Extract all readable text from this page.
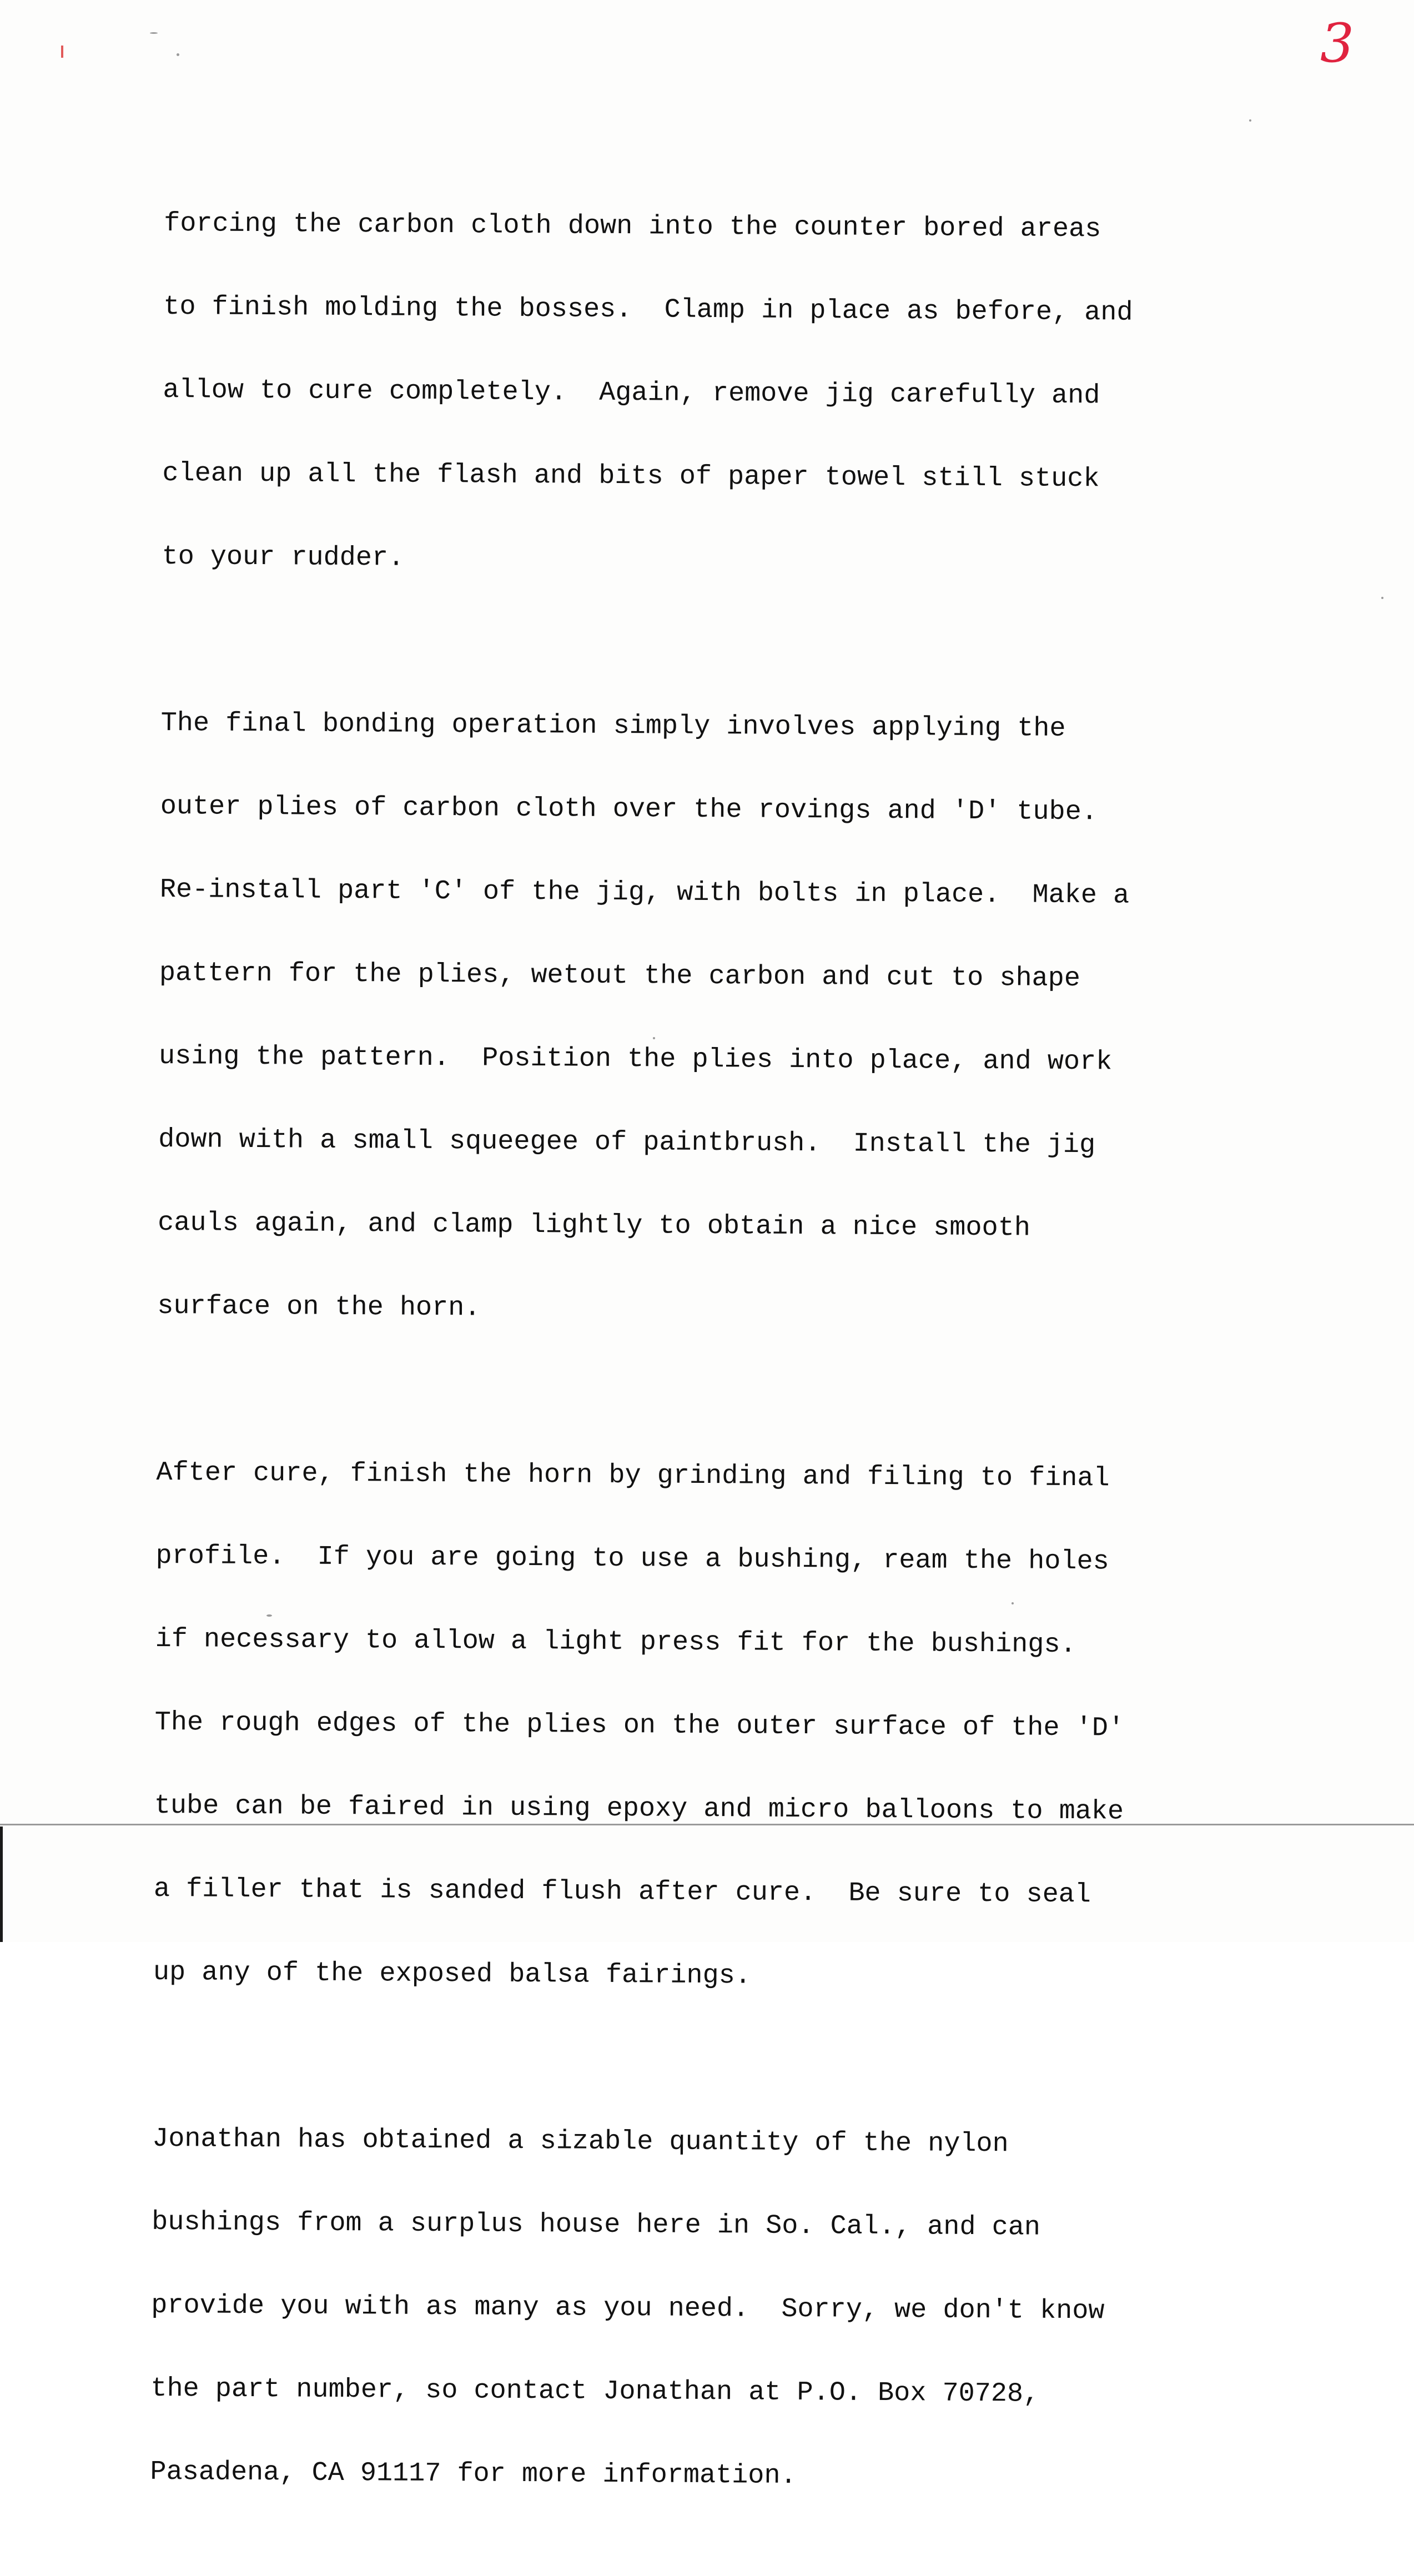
3

forcing the carbon cloth down into the counter bored areas

to finish molding the bosses.  Clamp in place as before, and

allow to cure completely.  Again, remove jig carefully and

clean up all the flash and bits of paper towel still stuck

to your rudder.

The final bonding operation simply involves applying the

outer plies of carbon cloth over the rovings and 'D' tube.

Re-install part 'C' of the jig, with bolts in place.  Make a

pattern for the plies, wetout the carbon and cut to shape

using the pattern.  Position the plies into place, and work

down with a small squeegee of paintbrush.  Install the jig

cauls again, and clamp lightly to obtain a nice smooth

surface on the horn.

After cure, finish the horn by grinding and filing to final

profile.  If you are going to use a bushing, ream the holes

if necessary to allow a light press fit for the bushings.

The rough edges of the plies on the outer surface of the 'D'

tube can be faired in using epoxy and micro balloons to make

a filler that is sanded flush after cure.  Be sure to seal

up any of the exposed balsa fairings.

Jonathan has obtained a sizable quantity of the nylon

bushings from a surplus house here in So. Cal., and can

provide you with as many as you need.  Sorry, we don't know

the part number, so contact Jonathan at P.O. Box 70728,

Pasadena, CA 91117 for more information.
